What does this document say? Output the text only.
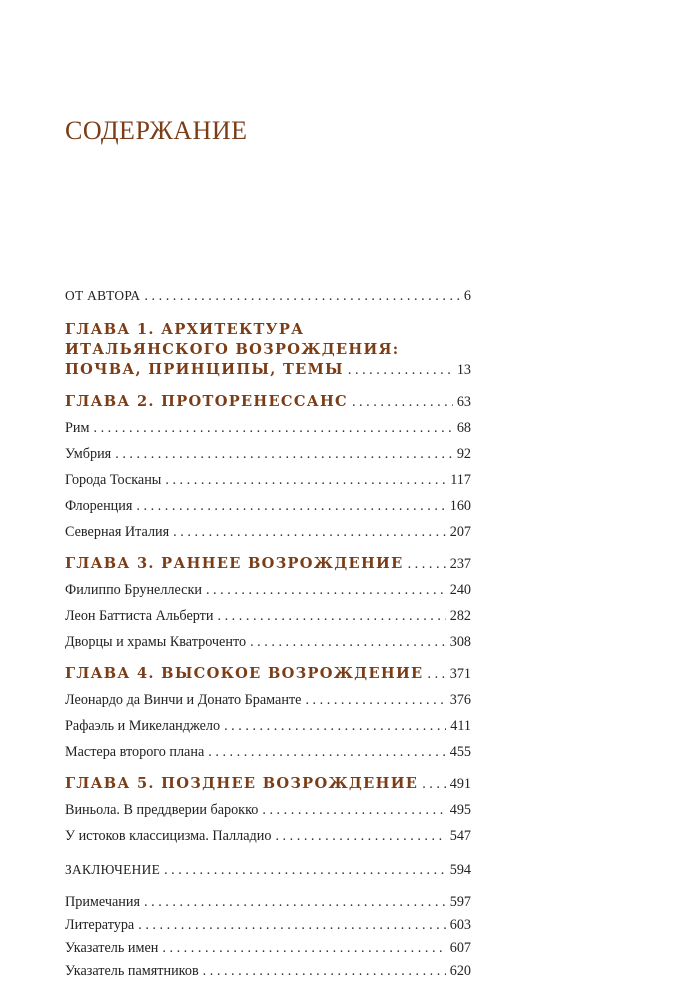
СОДЕРЖАНИЕ
ОТ АВТОРА . . .	6
ГЛАВА 1. АРХИТЕКТУРА
ИТАЛЬЯНСКОГО ВОЗРОЖДЕНИЯ:
ПОЧВА, ПРИНЦИПЫ, ТЕМЫ . . .	13
ГЛАВА 2. ПРОТОРЕНЕССАНС . . .	63
Рим . . .	68
Умбрия . . .	92
Города Тосканы . . .	117
Флоренция . . .	160
Северная Италия . . .	207
ГЛАВА 3. РАННЕЕ ВОЗРОЖДЕНИЕ . . .	237
Филиппо Брунеллески . . .	240
Леон Баттиста Альберти . . .	282
Дворцы и храмы Кватроченто . . .	308
ГЛАВА 4. ВЫСОКОЕ ВОЗРОЖДЕНИЕ . . . 371
Леонардо да Винчи и Донато Браманте . . .	376
Рафаэль и Микеланджело . . .	411
Мастера второго плана . . .	455
ГЛАВА 5. ПОЗДНЕЕ ВОЗРОЖДЕНИЕ . . . 491
Виньола. В преддверии барокко . . .	495
У истоков классицизма. Палладио . . .	547
ЗАКЛЮЧЕНИЕ . . .	594
Примечания . . .	597
Литература . . .	603
Указатель имен . . .	607
Указатель памятников . . .	620
